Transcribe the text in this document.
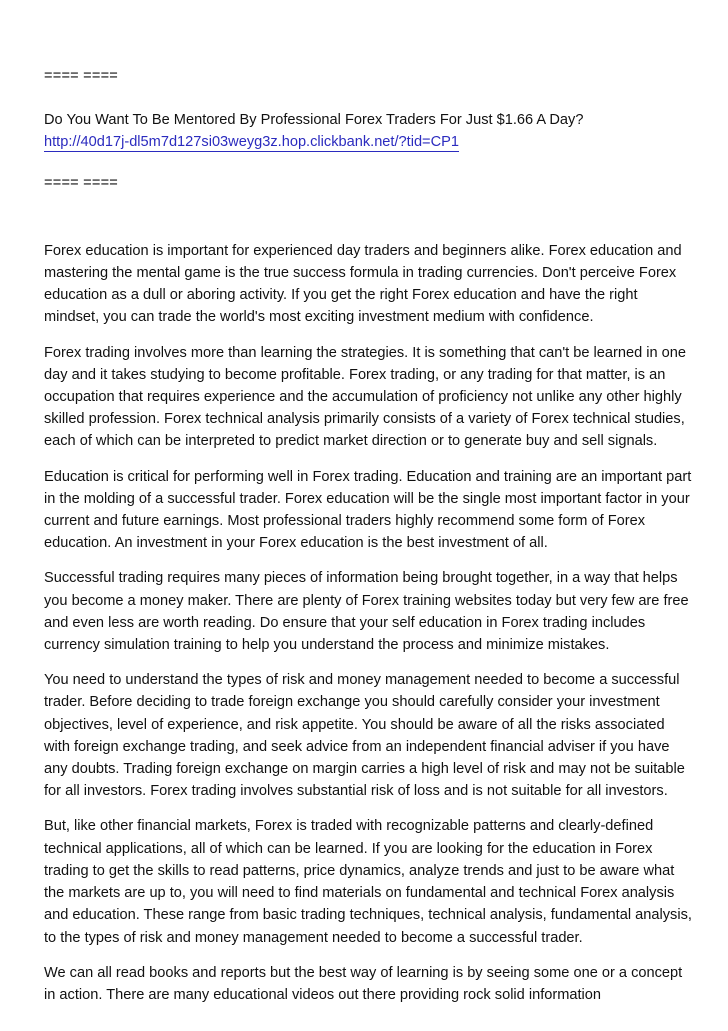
==== ====

Do You Want To Be Mentored By Professional Forex Traders For Just $1.66 A Day?

http://40d17j-dl5m7d127si03weyg3z.hop.clickbank.net/?tid=CP1

==== ====

Forex education is important for experienced day traders and beginners alike. Forex education and mastering the mental game is the true success formula in trading currencies. Don't perceive Forex education as a dull or aboring activity. If you get the right Forex education and have the right mindset, you can trade the world's most exciting investment medium with confidence.

Forex trading involves more than learning the strategies. It is something that can't be learned in one day and it takes studying to become profitable. Forex trading, or any trading for that matter, is an occupation that requires experience and the accumulation of proficiency not unlike any other highly skilled profession. Forex technical analysis primarily consists of a variety of Forex technical studies, each of which can be interpreted to predict market direction or to generate buy and sell signals.

Education is critical for performing well in Forex trading. Education and training are an important part in the molding of a successful trader. Forex education will be the single most important factor in your current and future earnings. Most professional traders highly recommend some form of Forex education. An investment in your Forex education is the best investment of all.

Successful trading requires many pieces of information being brought together, in a way that helps you become a money maker. There are plenty of Forex training websites today but very few are free and even less are worth reading. Do ensure that your self education in Forex trading includes currency simulation training to help you understand the process and minimize mistakes.

You need to understand the types of risk and money management needed to become a successful trader. Before deciding to trade foreign exchange you should carefully consider your investment objectives, level of experience, and risk appetite. You should be aware of all the risks associated with foreign exchange trading, and seek advice from an independent financial adviser if you have any doubts. Trading foreign exchange on margin carries a high level of risk and may not be suitable for all investors. Forex trading involves substantial risk of loss and is not suitable for all investors.

But, like other financial markets, Forex is traded with recognizable patterns and clearly-defined technical applications, all of which can be learned. If you are looking for the education in Forex trading to get the skills to read patterns, price dynamics, analyze trends and just to be aware what the markets are up to, you will need to find materials on fundamental and technical Forex analysis and education. These range from basic trading techniques, technical analysis, fundamental analysis, to the types of risk and money management needed to become a successful trader.

We can all read books and reports but the best way of learning is by seeing some one or a concept in action. There are many educational videos out there providing rock solid information
